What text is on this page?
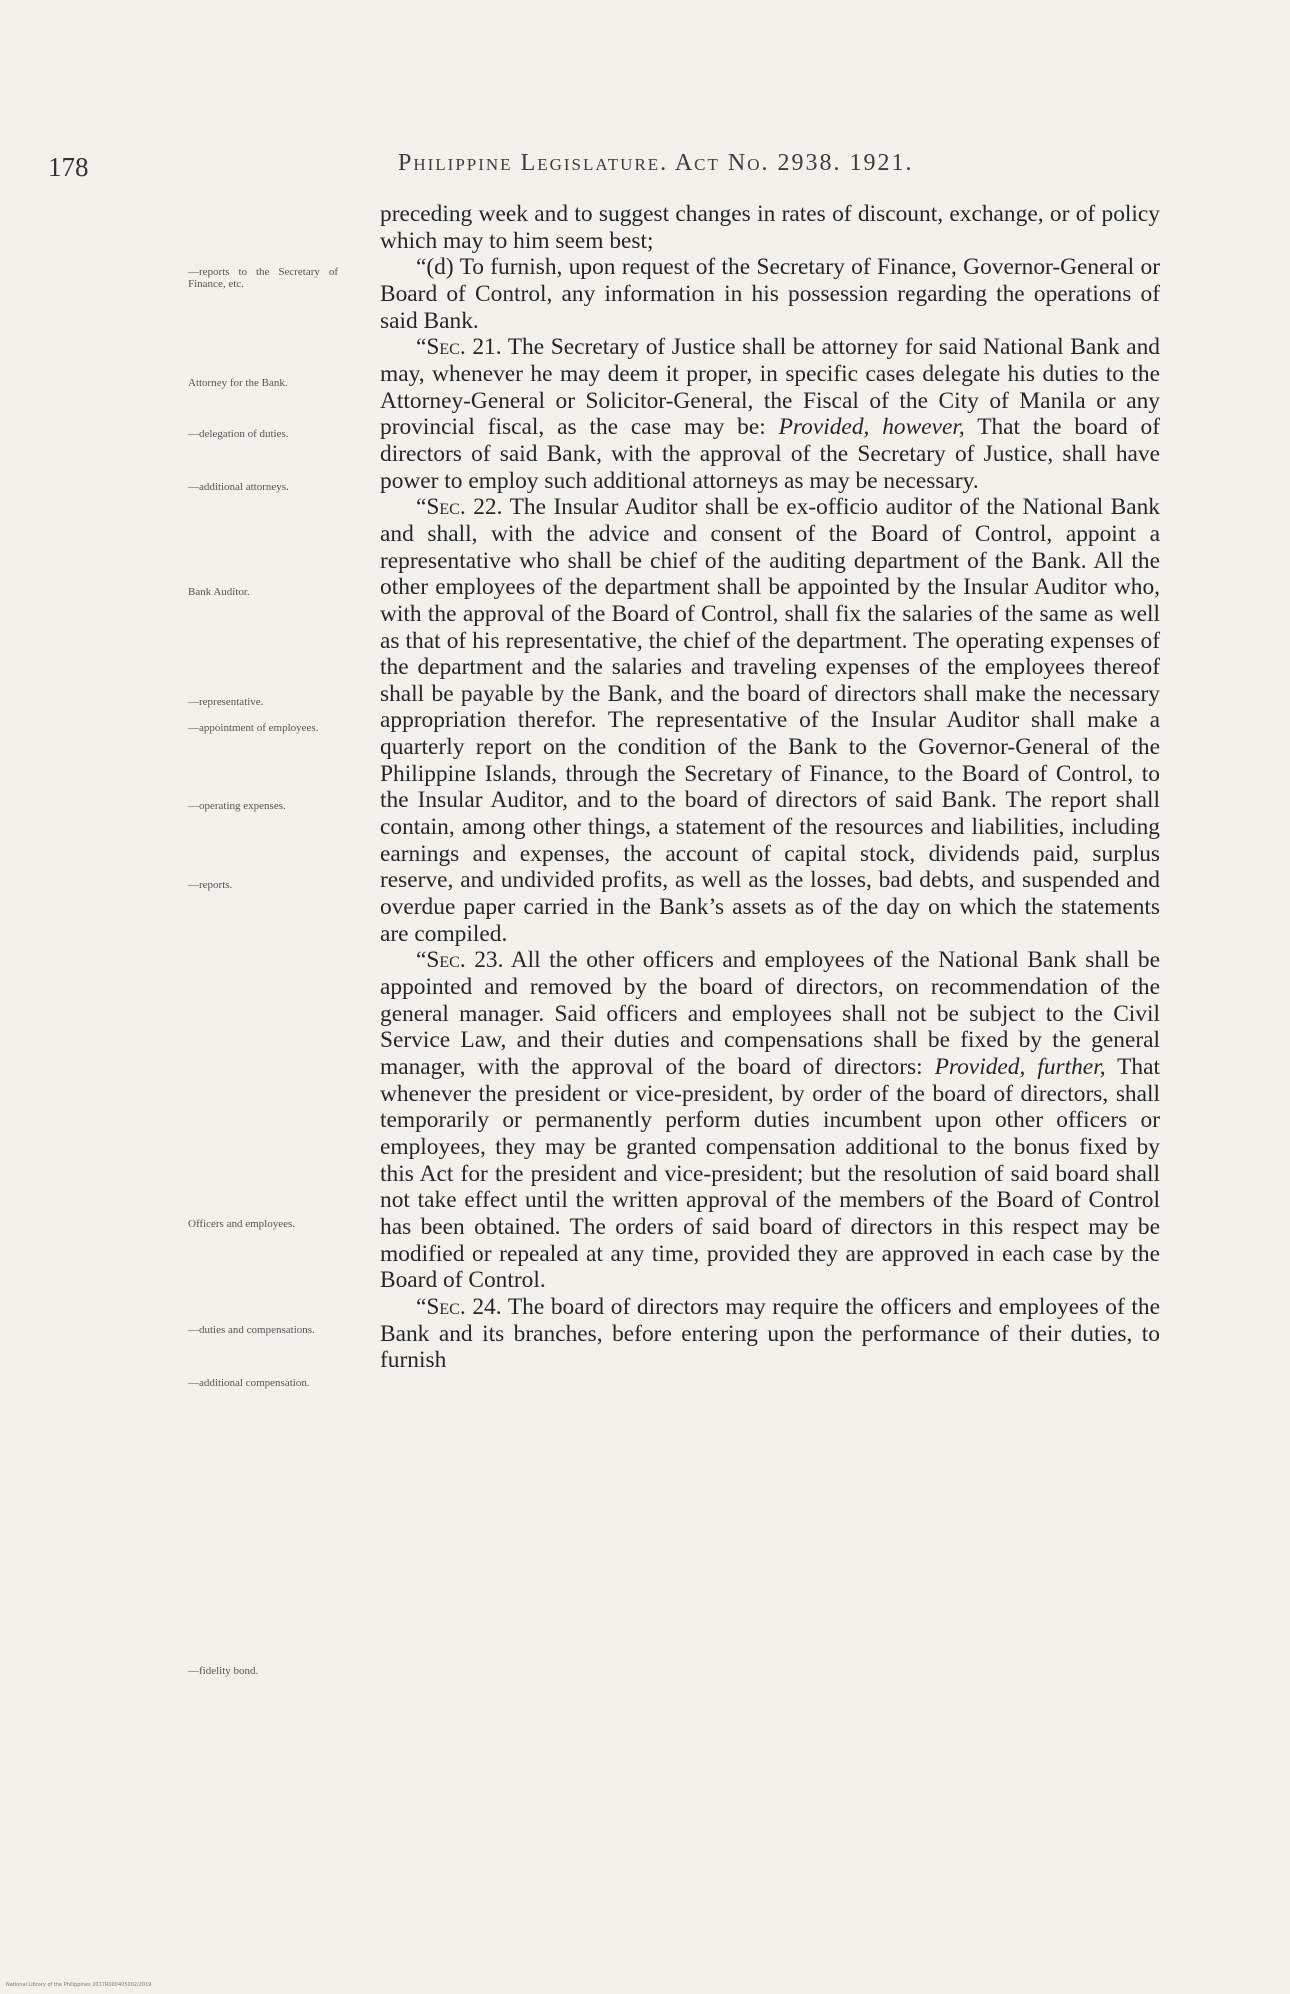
178	Philippine Legislature. Act No. 2938. 1921.
—reports to the Secretary of Finance, etc.
Attorney for the Bank.
—delegation of duties.
—additional attorneys.
Bank Auditor.
—representative.
—appointment of employees.
—operating expenses.
—reports.
Officers and employees.
—duties and compensations.
—additional compensation.
—fidelity bond.

preceding week and to suggest changes in rates of discount, exchange, or of policy which may to him seem best;

“(d) To furnish, upon request of the Secretary of Finance, Governor-General or Board of Control, any information in his possession regarding the operations of said Bank.

“Sec. 21. The Secretary of Justice shall be attorney for said National Bank and may, whenever he may deem it proper, in specific cases delegate his duties to the Attorney-General or Solicitor-General, the Fiscal of the City of Manila or any provincial fiscal, as the case may be: Provided, however, That the board of directors of said Bank, with the approval of the Secretary of Justice, shall have power to employ such additional attorneys as may be necessary.

“Sec. 22. The Insular Auditor shall be ex-officio auditor of the National Bank and shall, with the advice and consent of the Board of Control, appoint a representative who shall be chief of the auditing department of the Bank. All the other employees of the department shall be appointed by the Insular Auditor who, with the approval of the Board of Control, shall fix the salaries of the same as well as that of his representative, the chief of the department. The operating expenses of the department and the salaries and traveling expenses of the employees thereof shall be payable by the Bank, and the board of directors shall make the necessary appropriation therefor. The representative of the Insular Auditor shall make a quarterly report on the condition of the Bank to the Governor-General of the Philippine Islands, through the Secretary of Finance, to the Board of Control, to the Insular Auditor, and to the board of directors of said Bank. The report shall contain, among other things, a statement of the resources and liabilities, including earnings and expenses, the account of capital stock, dividends paid, surplus reserve, and undivided profits, as well as the losses, bad debts, and suspended and overdue paper carried in the Bank’s assets as of the day on which the statements are compiled.

“Sec. 23. All the other officers and employees of the National Bank shall be appointed and removed by the board of directors, on recommendation of the general manager. Said officers and employees shall not be subject to the Civil Service Law, and their duties and compensations shall be fixed by the general manager, with the approval of the board of directors: Provided, further, That whenever the president or vice-president, by order of the board of directors, shall temporarily or permanently perform duties incumbent upon other officers or employees, they may be granted compensation additional to the bonus fixed by this Act for the president and vice-president; but the resolution of said board shall not take effect until the written approval of the members of the Board of Control has been obtained. The orders of said board of directors in this respect may be modified or repealed at any time, provided they are approved in each case by the Board of Control.

“Sec. 24. The board of directors may require the officers and employees of the Bank and its branches, before entering upon the performance of their duties, to furnish

National Library of the Philippines 2017R000405002/2019
